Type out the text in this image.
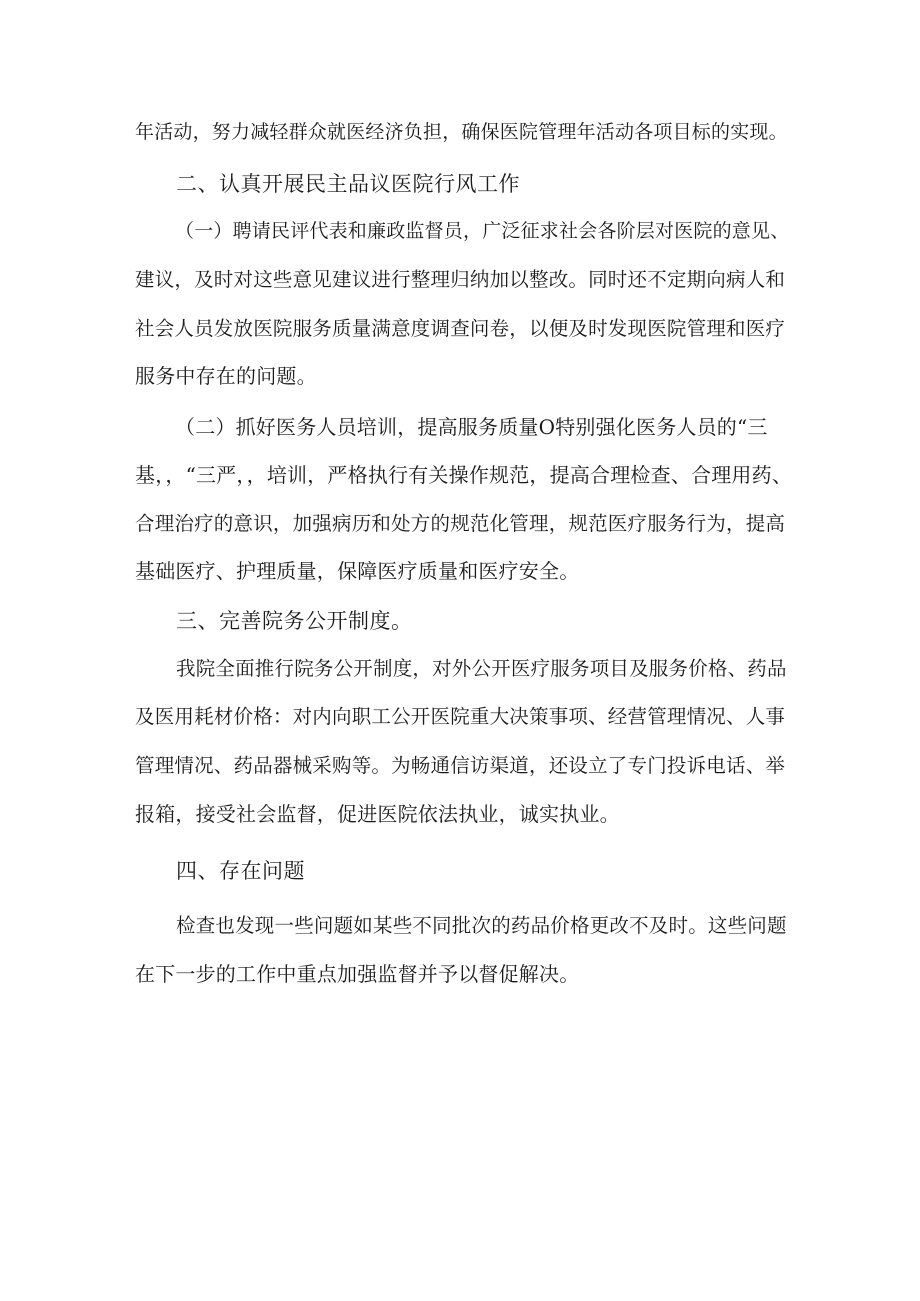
年活动，努力减轻群众就医经济负担，确保医院管理年活动各项目标的实现。
二、认真开展民主品议医院行风工作
（一）聘请民评代表和廉政监督员，广泛征求社会各阶层对医院的意见、
建议，及时对这些意见建议进行整理归纳加以整改。同时还不定期向病人和
社会人员发放医院服务质量满意度调查问卷，以便及时发现医院管理和医疗
服务中存在的问题。
（二）抓好医务人员培训，提高服务质量O特别强化医务人员的“三
基，，“三严，，培训，严格执行有关操作规范，提高合理检查、合理用药、
合理治疗的意识，加强病历和处方的规范化管理，规范医疗服务行为，提高
基础医疗、护理质量，保障医疗质量和医疗安全。
三、完善院务公开制度。
我院全面推行院务公开制度，对外公开医疗服务项目及服务价格、药品
及医用耗材价格：对内向职工公开医院重大决策事项、经营管理情况、人事
管理情况、药品器械采购等。为畅通信访渠道，还设立了专门投诉电话、举
报箱，接受社会监督，促进医院依法执业，诚实执业。
四、存在问题
检查也发现一些问题如某些不同批次的药品价格更改不及时。这些问题
在下一步的工作中重点加强监督并予以督促解决。
